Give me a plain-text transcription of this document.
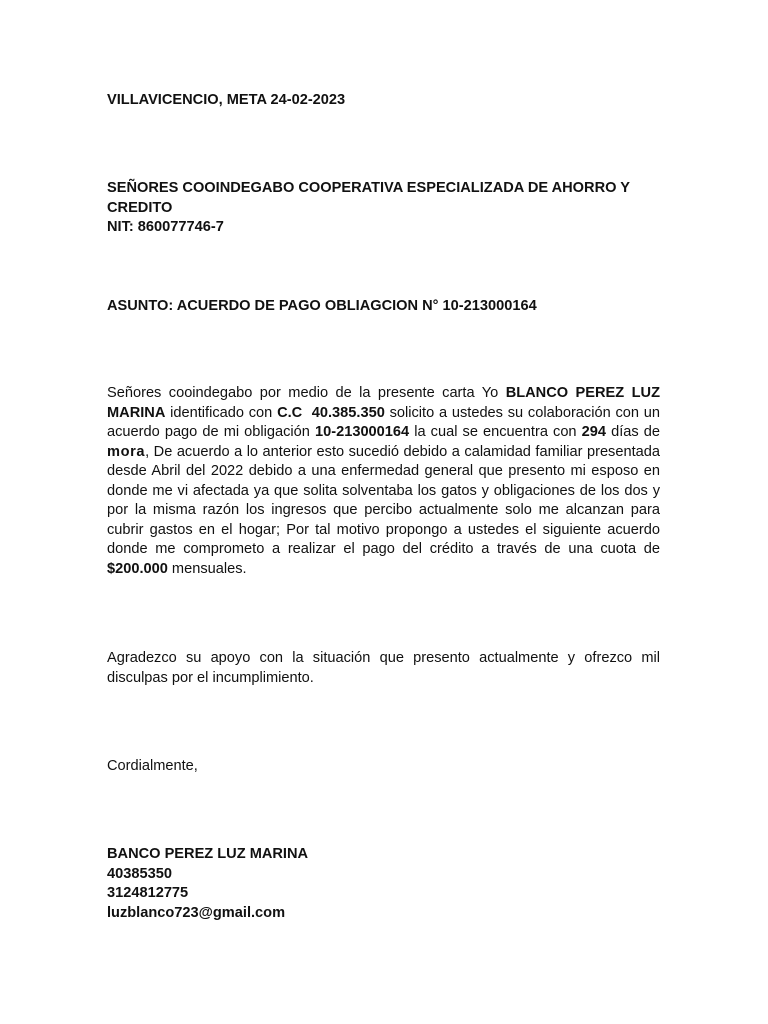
VILLAVICENCIO, META 24-02-2023
SEÑORES COOINDEGABO COOPERATIVA ESPECIALIZADA DE AHORRO Y CREDITO
NIT: 860077746-7
ASUNTO: ACUERDO DE PAGO OBLIAGCION N° 10-213000164
Señores cooindegabo por medio de la presente carta Yo BLANCO PEREZ LUZ MARINA identificado con C.C 40.385.350 solicito a ustedes su colaboración con un acuerdo pago de mi obligación 10-213000164 la cual se encuentra con 294 días de mora, De acuerdo a lo anterior esto sucedió debido a calamidad familiar presentada desde Abril del 2022 debido a una enfermedad general que presento mi esposo en donde me vi afectada ya que solita solventaba los gatos y obligaciones de los dos y por la misma razón los ingresos que percibo actualmente solo me alcanzan para cubrir gastos en el hogar; Por tal motivo propongo a ustedes el siguiente acuerdo donde me comprometo a realizar el pago del crédito a través de una cuota de $200.000 mensuales.
Agradezco su apoyo con la situación que presento actualmente y ofrezco mil disculpas por el incumplimiento.
Cordialmente,
BANCO PEREZ LUZ MARINA
40385350
3124812775
luzblanco723@gmail.com
